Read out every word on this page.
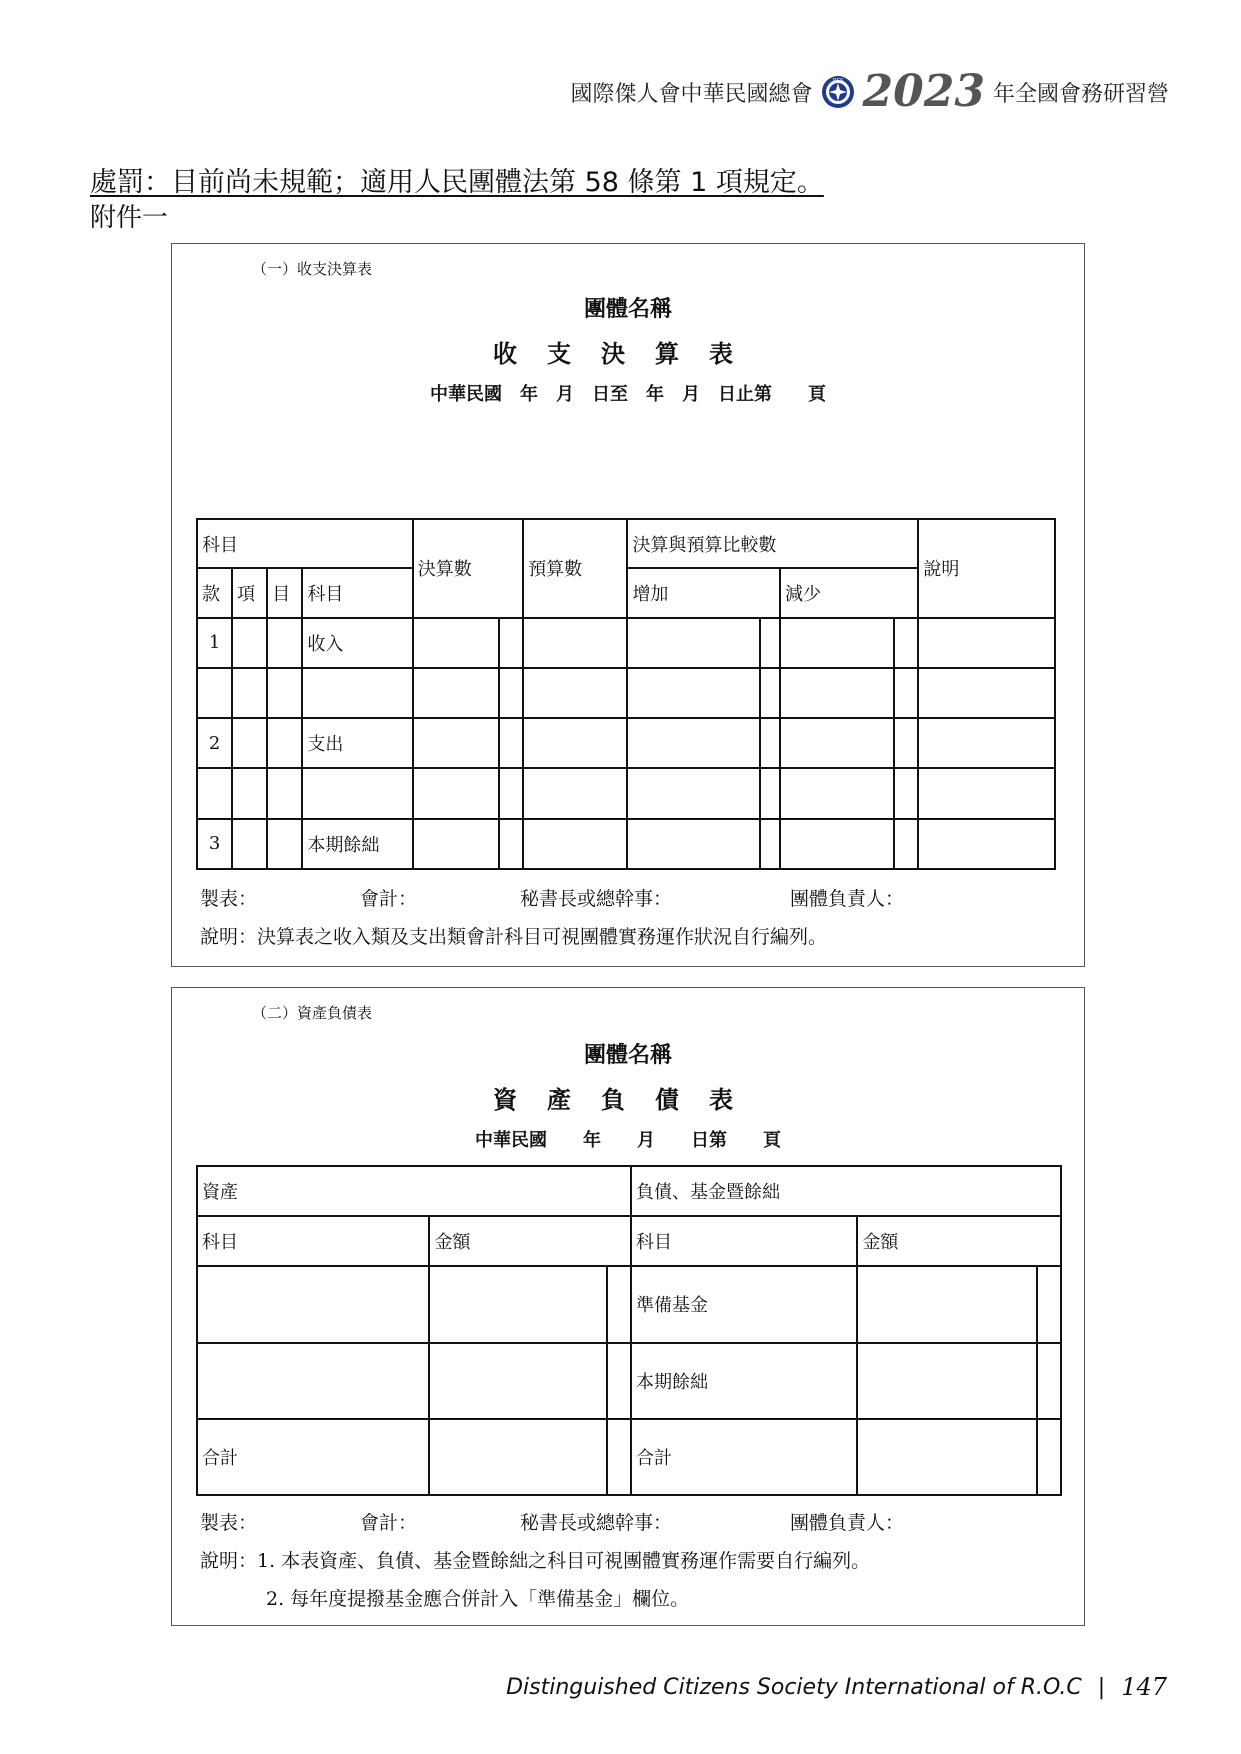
國際傑人會中華民國總會
DCS 2023 年全國會務研習營
處罰：目前尚未規範；適用人民團體法第 58 條第 1 項規定。
附件一
（一）收支決算表
團體名稱
收支決算表
中華民國　年　月　日至　年　月　日止第　　頁
科目				決算數		預算數	決算與預算比較數				說明
款	項	目	科目				增加		減少		
1			收入								

2			支出								

3			本期餘絀								
製表：	會計：	秘書長或總幹事：	團體負責人：
說明：決算表之收入類及支出類會計科目可視團體實務運作狀況自行編列。
（二）資產負債表
團體名稱
資產負債表
中華民國　　年　　月　　日第　　頁
資產			負債、基金暨餘絀		
科目	金額		科目	金額	
			準備基金		
			本期餘絀		
合計			合計		
製表：	會計：	秘書長或總幹事：	團體負責人：
說明：1. 本表資產、負債、基金暨餘絀之科目可視團體實務運作需要自行編列。
2. 每年度提撥基金應合併計入「準備基金」欄位。
Distinguished Citizens Society International of R.O.C | 147
